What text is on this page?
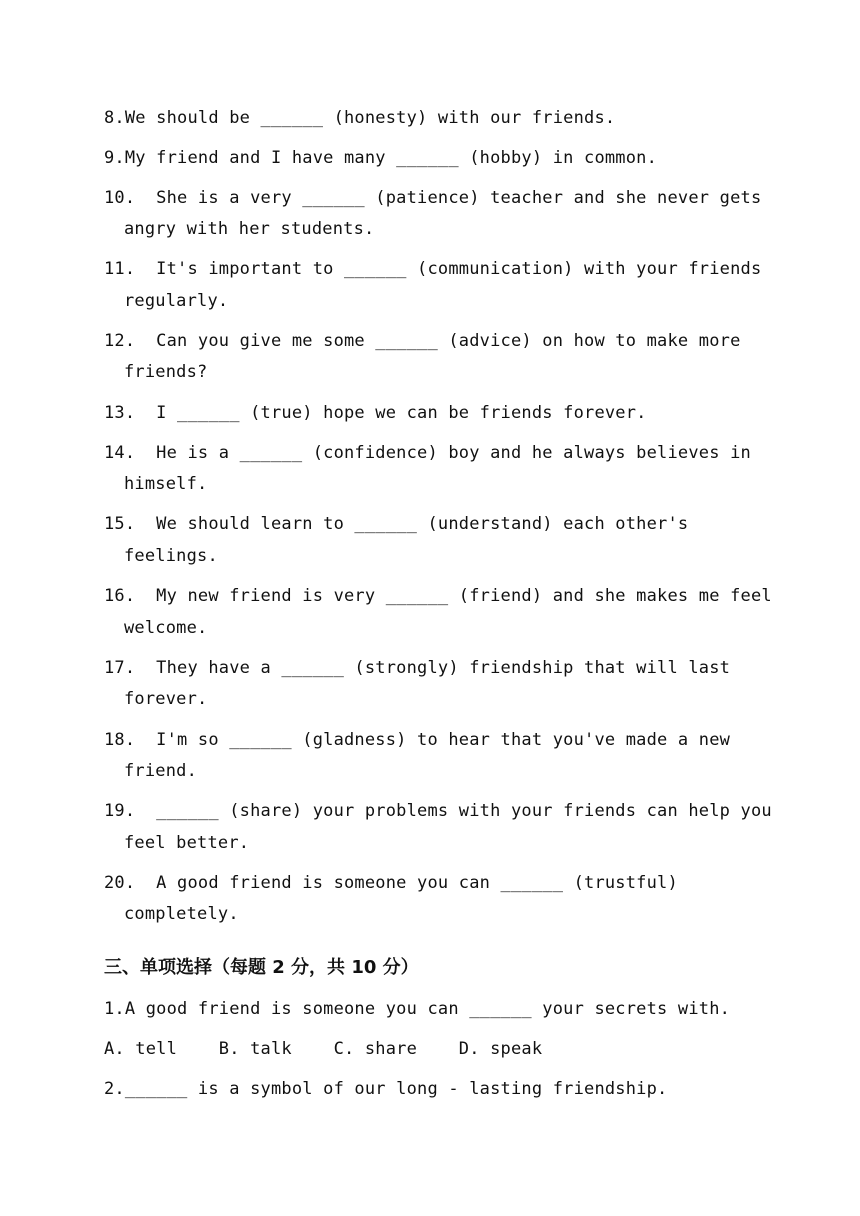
8.We should be ______ (honesty) with our friends.
9.My friend and I have many ______ (hobby) in common.
10.  She is a very ______ (patience) teacher and she never gets
angry with her students.
11.  It's important to ______ (communication) with your friends
regularly.
12.  Can you give me some ______ (advice) on how to make more
friends?
13.  I ______ (true) hope we can be friends forever.
14.  He is a ______ (confidence) boy and he always believes in
himself.
15.  We should learn to ______ (understand) each other's
feelings.
16.  My new friend is very ______ (friend) and she makes me feel
welcome.
17.  They have a ______ (strongly) friendship that will last
forever.
18.  I'm so ______ (gladness) to hear that you've made a new
friend.
19.  ______ (share) your problems with your friends can help you
feel better.
20.  A good friend is someone you can ______ (trustful)
completely.
三、单项选择（每题 2 分，共 10 分）
1.A good friend is someone you can ______ your secrets with.
A. tell    B. talk    C. share    D. speak
2.______ is a symbol of our long - lasting friendship.
